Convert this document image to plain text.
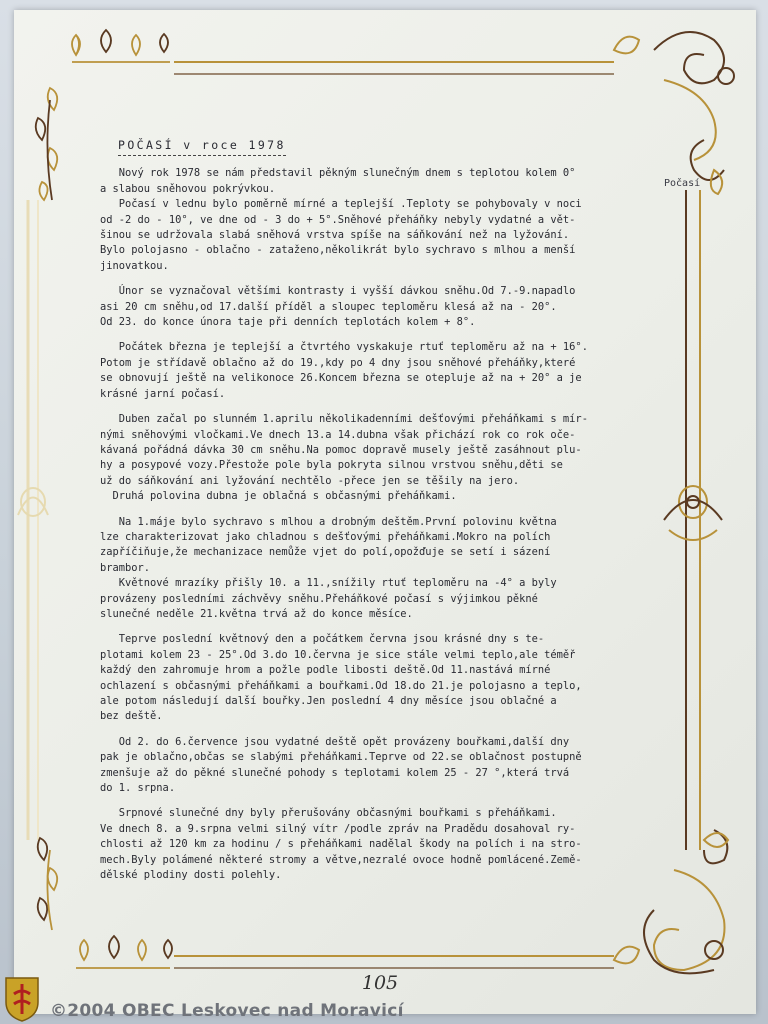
POČASÍ v roce 1978
Nový rok 1978 se nám představil pěkným slunečným dnem s teplotou kolem 0°
a slabou sněhovou pokrývkou.
Počasí v lednu bylo poměrně mírné a teplejší .Teploty se pohybovaly v noci
od -2 do - 10°, ve dne od - 3 do + 5°.Sněhové přeháňky nebyly vydatné a vět-
šinou se udržovala slabá sněhová vrstva spíše na sáňkování než na lyžování.
Bylo polojasno - oblačno - zataženo,několikrát bylo sychravo s mlhou a menší
jinovatkou.
Únor se vyznačoval většími kontrasty i vyšší dávkou sněhu.Od 7.-9.napadlo
asi 20 cm sněhu,od 17.další příděl a sloupec teploměru klesá až na - 20°.
Od 23. do konce února taje při denních teplotách kolem + 8°.
Počátek března je teplejší a čtvrtého vyskakuje rtuť teploměru až na + 16°.
Potom je střídavě oblačno až do 19.,kdy po 4 dny jsou sněhové přeháňky,které
se obnovují ještě na velikonoce 26.Koncem března se otepluje až na + 20° a je
krásné jarní počasí.
Duben začal po slunném 1.aprilu několikadenními dešťovými přeháňkami s mír-
nými sněhovými vločkami.Ve dnech 13.a 14.dubna však přichází rok co rok oče-
kávaná pořádná dávka 30 cm sněhu.Na pomoc dopravě musely ještě zasáhnout plu-
hy a posypové vozy.Přestože pole byla pokryta silnou vrstvou sněhu,děti se
už do sáňkování ani lyžování nechtělo -přece jen se těšily na jero.
Druhá polovina dubna je oblačná s občasnými přeháňkami.
Na 1.máje bylo sychravo s mlhou a drobným deštěm.První polovinu května
lze charakterizovat jako chladnou s dešťovými přeháňkami.Mokro na polích
zapříčiňuje,že mechanizace nemůže vjet do polí,opožďuje se setí i sázení
brambor.
Květnové mrazíky přišly 10. a 11.,snížily rtuť teploměru na -4° a byly
provázeny posledními záchvěvy sněhu.Přeháňkové počasí s výjimkou pěkné
slunečné neděle 21.května trvá až do konce měsíce.
Teprve poslední květnový den a počátkem června jsou krásné dny s te-
plotami kolem 23 - 25°.Od 3.do 10.června je sice stále velmi teplo,ale téměř
každý den zahromuje hrom a požle podle libosti deště.Od 11.nastává mírné
ochlazení s občasnými přeháňkami a bouřkami.Od 18.do 21.je polojasno a teplo,
ale potom následují další bouřky.Jen poslední 4 dny měsíce jsou oblačné a
bez deště.
Od 2. do 6.července jsou vydatné deště opět provázeny bouřkami,další dny
pak je oblačno,občas se slabými přeháňkami.Teprve od 22.se oblačnost postupně
zmenšuje až do pěkné slunečné pohody s teplotami kolem 25 - 27 °,která trvá
do 1. srpna.
Srpnové slunečné dny byly přerušovány občasnými bouřkami s přeháňkami.
Ve dnech 8. a 9.srpna velmi silný vítr /podle zpráv na Pradědu dosahoval ry-
chlosti až 120 km za hodinu / s přeháňkami nadělal škody na polích i na stro-
mech.Byly polámené některé stromy a větve,nezralé ovoce hodně pomlácené.Země-
dělské plodiny dosti polehly.
Počasí
105
©2004 OBEC Leskovec nad Moravicí
